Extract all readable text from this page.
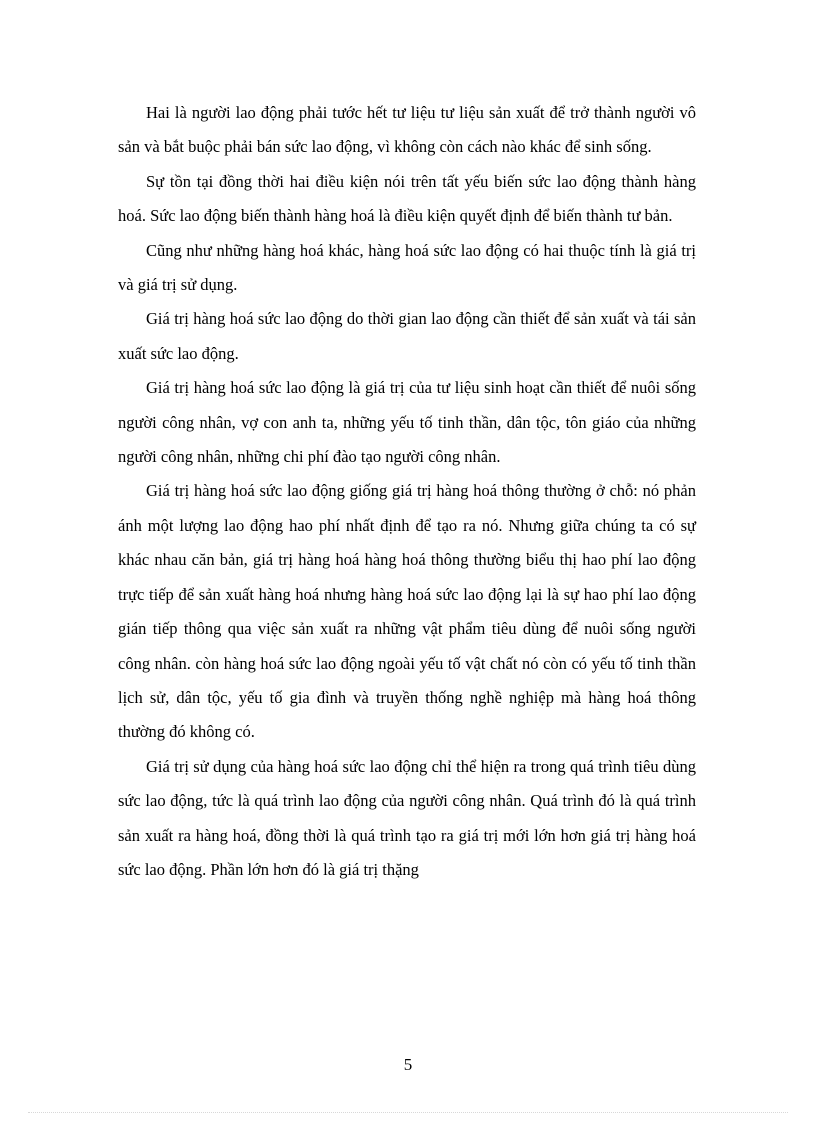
Hai là người lao động phải tước hết tư liệu tư liệu sản xuất để trở thành người vô sản và bắt buộc phải bán sức lao động, vì không còn cách nào khác để sinh sống.

Sự tồn tại đồng thời hai điều kiện nói trên tất yếu biến sức lao động thành hàng hoá. Sức lao động biến thành hàng hoá là điều kiện quyết định để biến thành tư bản.

Cũng như những hàng hoá khác, hàng hoá sức lao động có hai thuộc tính là giá trị và giá trị sử dụng.

Giá trị hàng hoá sức lao động do thời gian lao động cần thiết để sản xuất và tái sản xuất sức lao động.

Giá trị hàng hoá sức lao động là giá trị của tư liệu sinh hoạt cần thiết để nuôi sống người công nhân, vợ con anh ta, những yếu tố tinh thần, dân tộc, tôn giáo của những người công nhân, những chi phí đào tạo người công nhân.

Giá trị hàng hoá sức lao động giống giá trị hàng hoá thông thường ở chỗ: nó phản ánh một lượng lao động hao phí nhất định để tạo ra nó. Nhưng giữa chúng ta có sự khác nhau căn bản, giá trị hàng hoá hàng hoá thông thường biểu thị hao phí lao động trực tiếp để sản xuất hàng hoá nhưng hàng hoá sức lao động lại là sự hao phí lao động gián tiếp thông qua việc sản xuất ra những vật phẩm tiêu dùng để nuôi sống người công nhân. còn hàng hoá sức lao động ngoài yếu tố vật chất nó còn có yếu tố tinh thần lịch sử, dân tộc, yếu tố gia đình và truyền thống nghề nghiệp mà hàng hoá thông thường đó không có.

Giá trị sử dụng của hàng hoá sức lao động chỉ thể hiện ra trong quá trình tiêu dùng sức lao động, tức là quá trình lao động của người công nhân. Quá trình đó là quá trình sản xuất ra hàng hoá, đồng thời là quá trình tạo ra giá trị mới lớn hơn giá trị hàng hoá sức lao động. Phần lớn hơn đó là giá trị thặng

5
